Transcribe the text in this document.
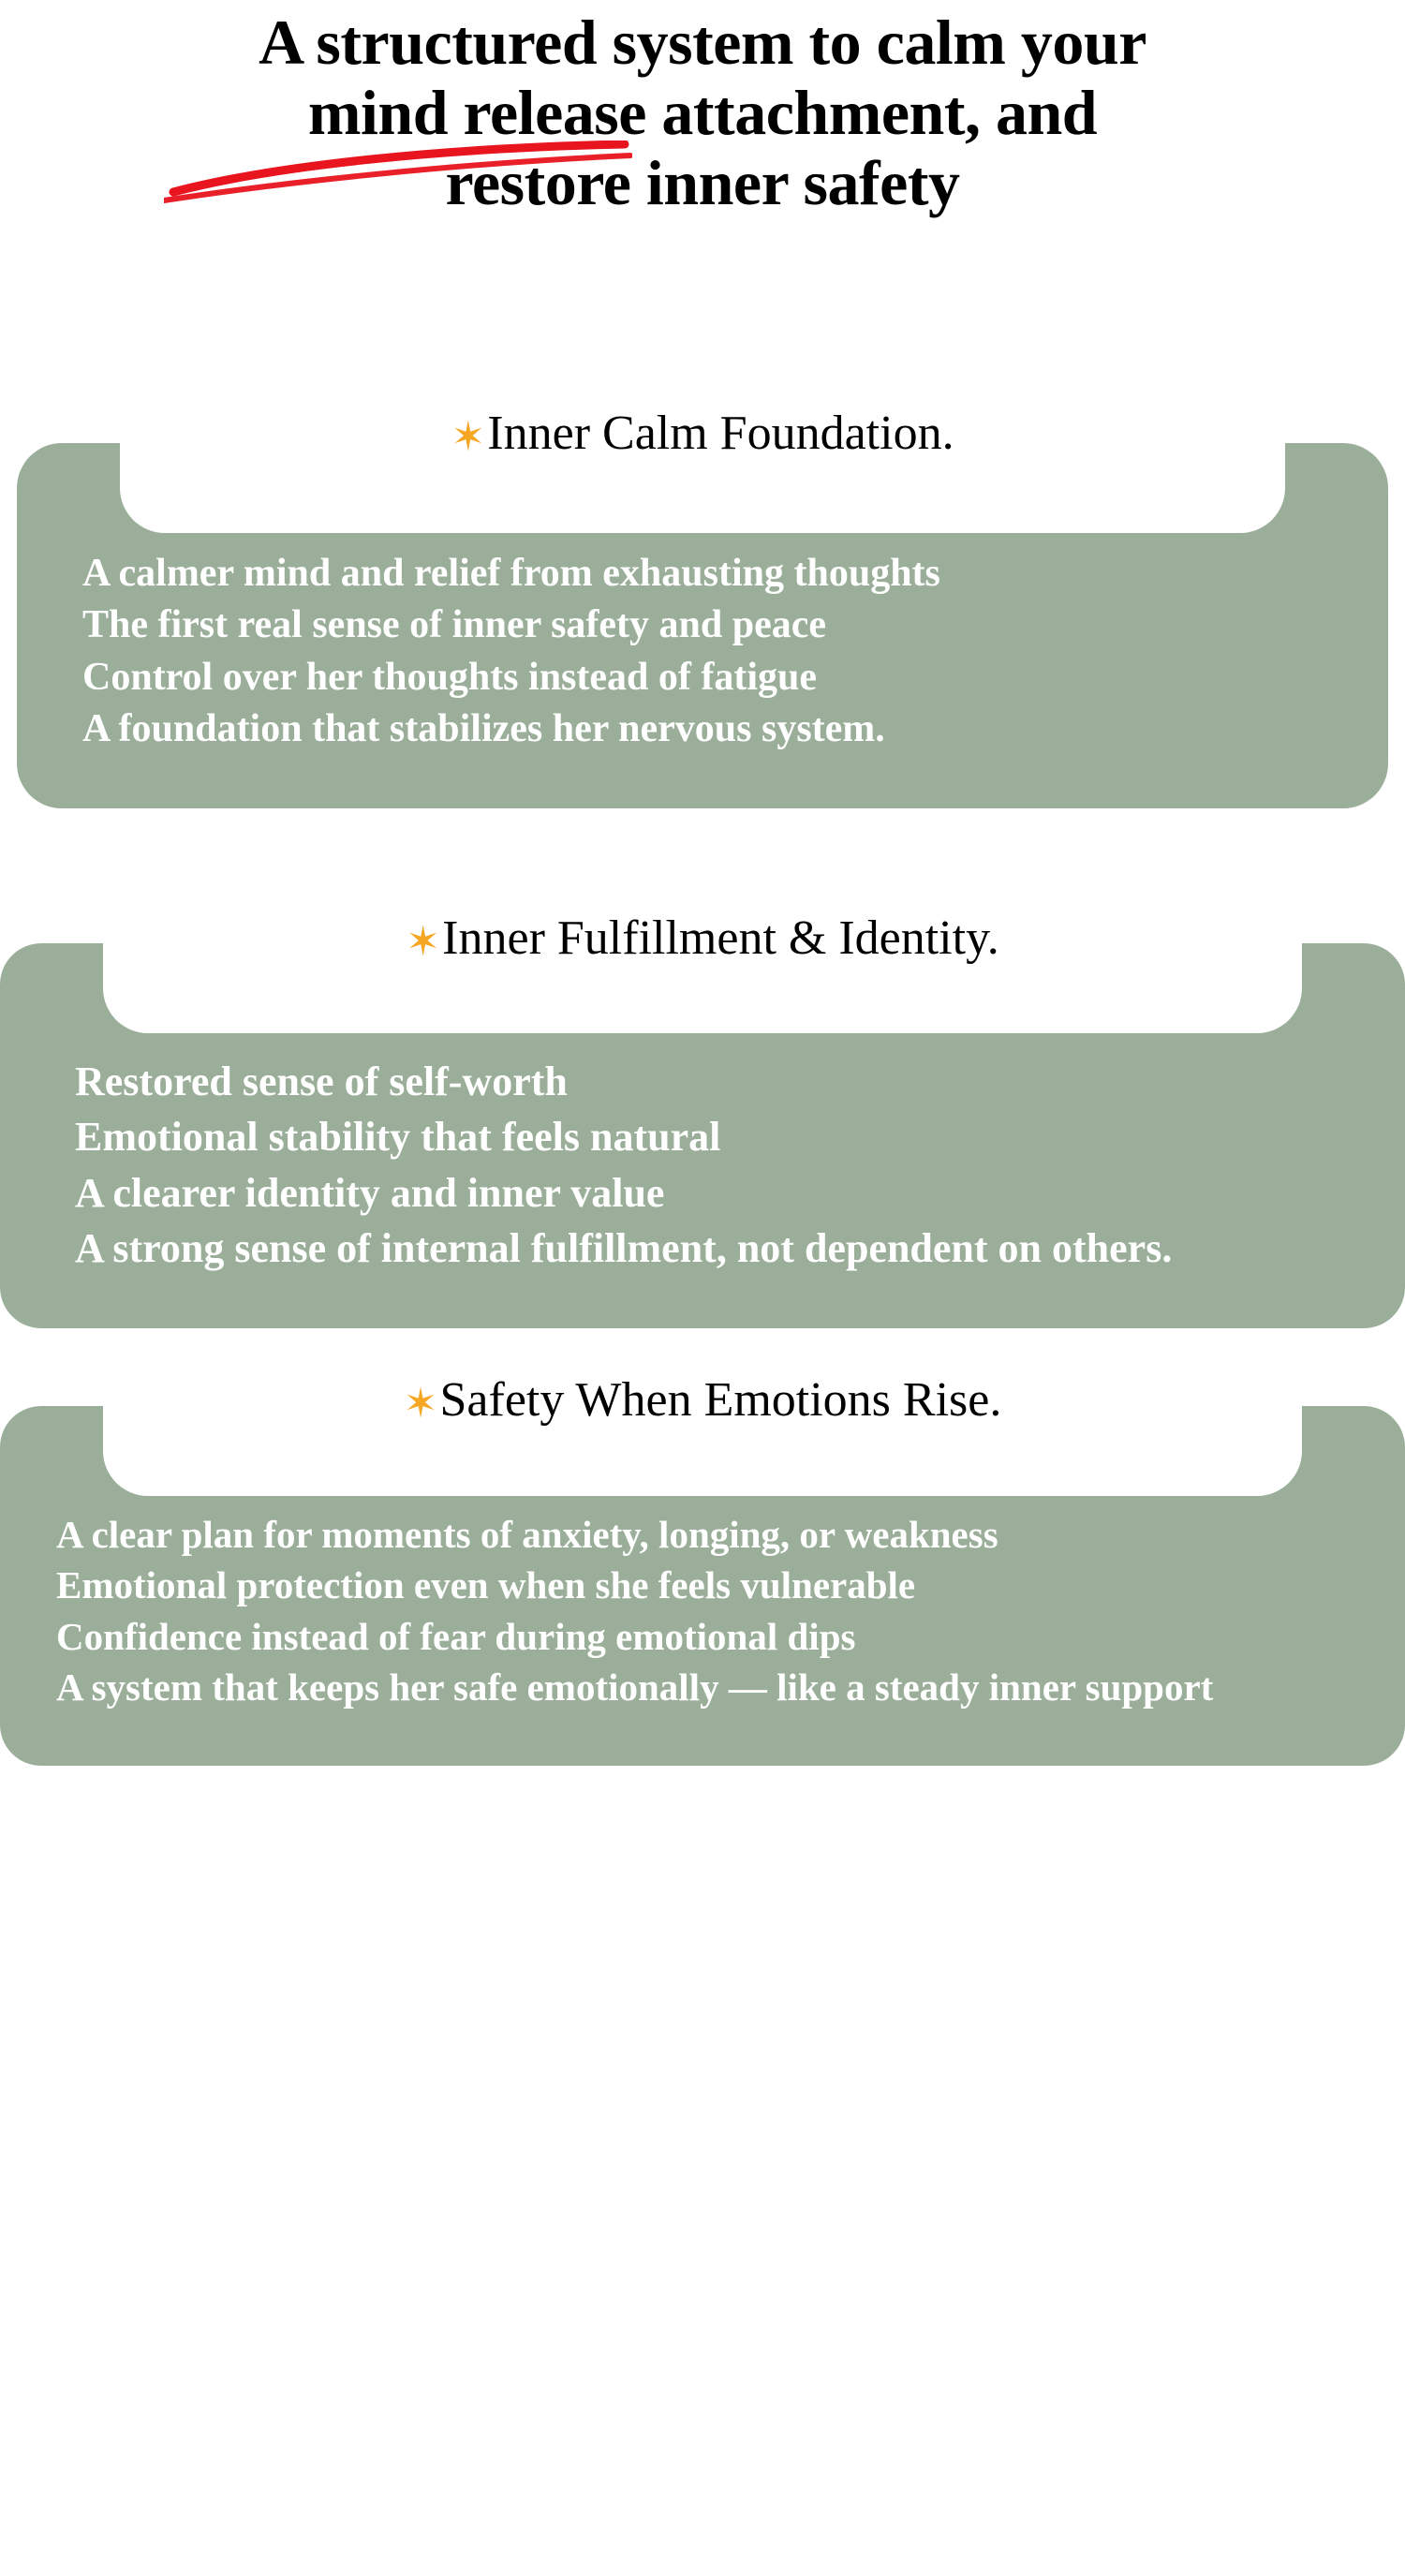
A structured system to calm your
mind release attachment, and
restore inner safety
✶Inner Calm Foundation.

A calmer mind and relief from exhausting thoughts

The first real sense of inner safety and peace

Control over her thoughts instead of fatigue

A foundation that stabilizes her nervous system.

✶Inner Fulfillment & Identity.

Restored sense of self-worth

Emotional stability that feels natural

A clearer identity and inner value

A strong sense of internal fulfillment, not dependent on others.

✶Safety When Emotions Rise.

A clear plan for moments of anxiety, longing, or weakness

Emotional protection even when she feels vulnerable

Confidence instead of fear during emotional dips

A system that keeps her safe emotionally — like a steady inner support
